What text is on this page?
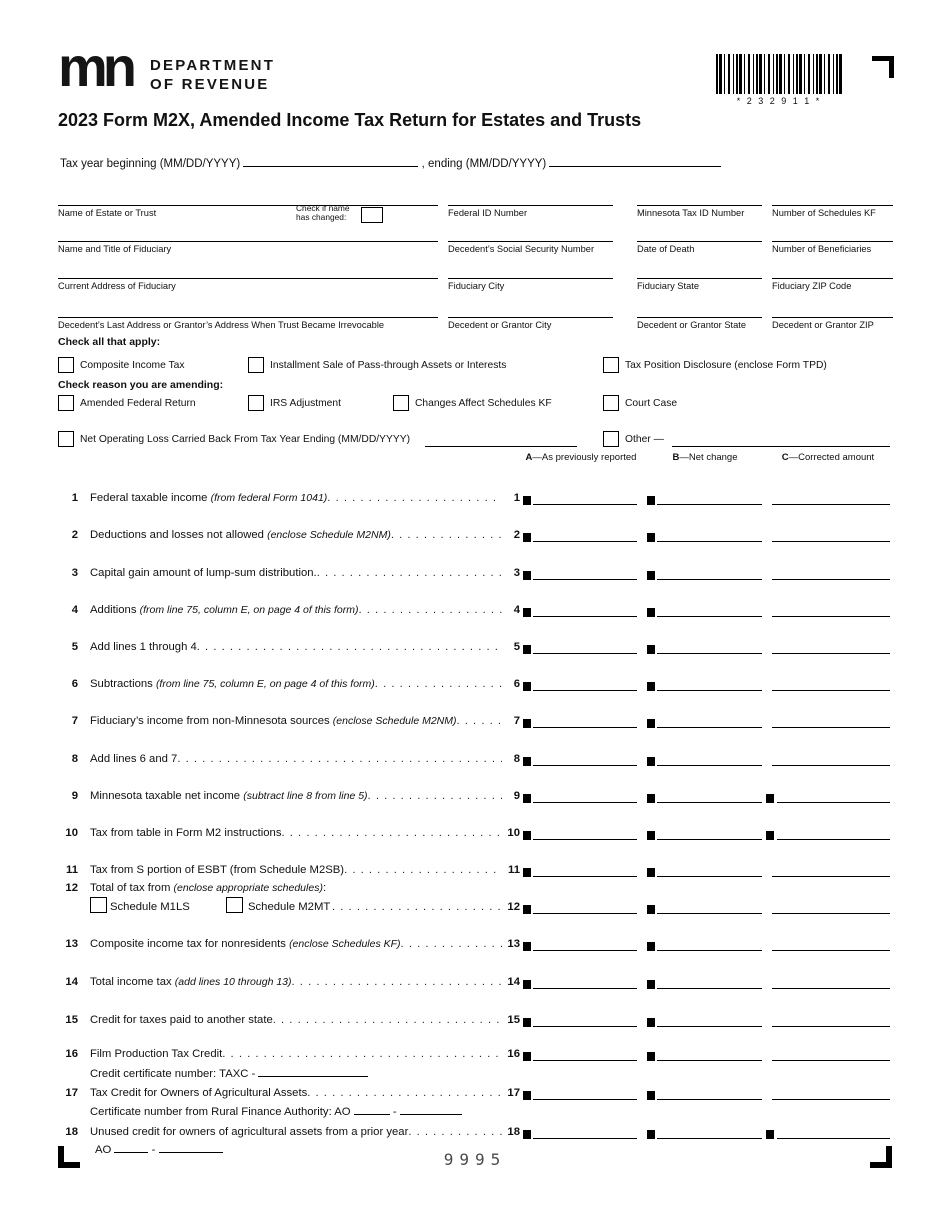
mn DEPARTMENT
OF REVENUE
* 2 3 2 9 1 1 *
2023 Form M2X, Amended Income Tax Return for Estates and Trusts
Tax year beginning (MM/DD/YYYY)	, ending (MM/DD/YYYY)
Name of Estate or Trust	Check if name
has changed:	Federal ID Number	Minnesota Tax ID Number	Number of Schedules KF
Name and Title of Fiduciary	Decedent’s Social Security Number	Date of Death	Number of Beneficiaries
Current Address of Fiduciary	Fiduciary City	Fiduciary State	Fiduciary ZIP Code
Decedent’s Last Address or Grantor’s Address When Trust Became Irrevocable	Decedent or Grantor City	Decedent or Grantor State	Decedent or Grantor ZIP
Check all that apply:
Composite Income Tax	Installment Sale of Pass-through Assets or Interests	Tax Position Disclosure (enclose Form TPD)
Check reason you are amending:
Amended Federal Return	IRS Adjustment	Changes Affect Schedules KF	Court Case
Net Operating Loss Carried Back From Tax Year Ending (MM/DD/YYYY)	Other —
A—As previously reported	B—Net change	C—Corrected amount
1 Federal taxable income (from federal Form 1041) . . .	1
2 Deductions and losses not allowed (enclose Schedule M2NM) . . .	2
3 Capital gain amount of lump-sum distribution. . . .	3
4 Additions (from line 75, column E, on page 4 of this form) . . .	4
5 Add lines 1 through 4 . . .	5
6 Subtractions (from line 75, column E, on page 4 of this form) . . .	6
7 Fiduciary’s income from non-Minnesota sources (enclose Schedule M2NM) . . .	7
8 Add lines 6 and 7 . . .	8
9 Minnesota taxable net income (subtract line 8 from line 5) . . .	9
10 Tax from table in Form M2 instructions . . .	10
11 Tax from S portion of ESBT (from Schedule M2SB) . . .	11
12 Total of tax from (enclose appropriate schedules):
Schedule M1LS	Schedule M2MT . . .	12
13 Composite income tax for nonresidents (enclose Schedules KF) . . .	13
14 Total income tax (add lines 10 through 13) . . .	14
15 Credit for taxes paid to another state . . .	15
16 Film Production Tax Credit . . .	16
Credit certificate number: TAXC -
17 Tax Credit for Owners of Agricultural Assets . . .	17
Certificate number from Rural Finance Authority: AO	-
18 Unused credit for owners of agricultural assets from a prior year . . .	18
AO	-	9995
